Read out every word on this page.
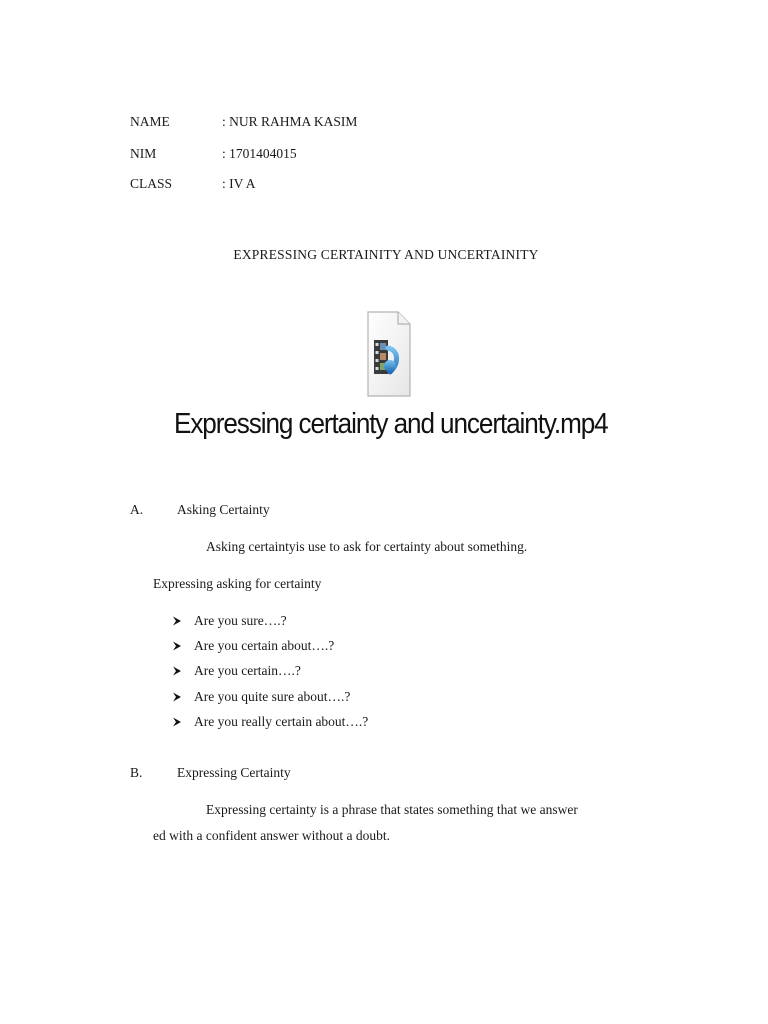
NAME	: NUR RAHMA KASIM
NIM	: 1701404015
CLASS	: IV A
EXPRESSING CERTAINITY AND UNCERTAINITY
Expressing certainty and uncertainty.mp4
A.	Asking Certainty
Asking certaintyis use to ask for certainty about something.
Expressing asking for certainty
Are you sure….?
Are you certain about….?
Are you certain….?
Are you quite sure about….?
Are you really certain about….?
B.	Expressing Certainty
Expressing certainty is a phrase that states something that we answer
ed with a confident answer without a doubt.
